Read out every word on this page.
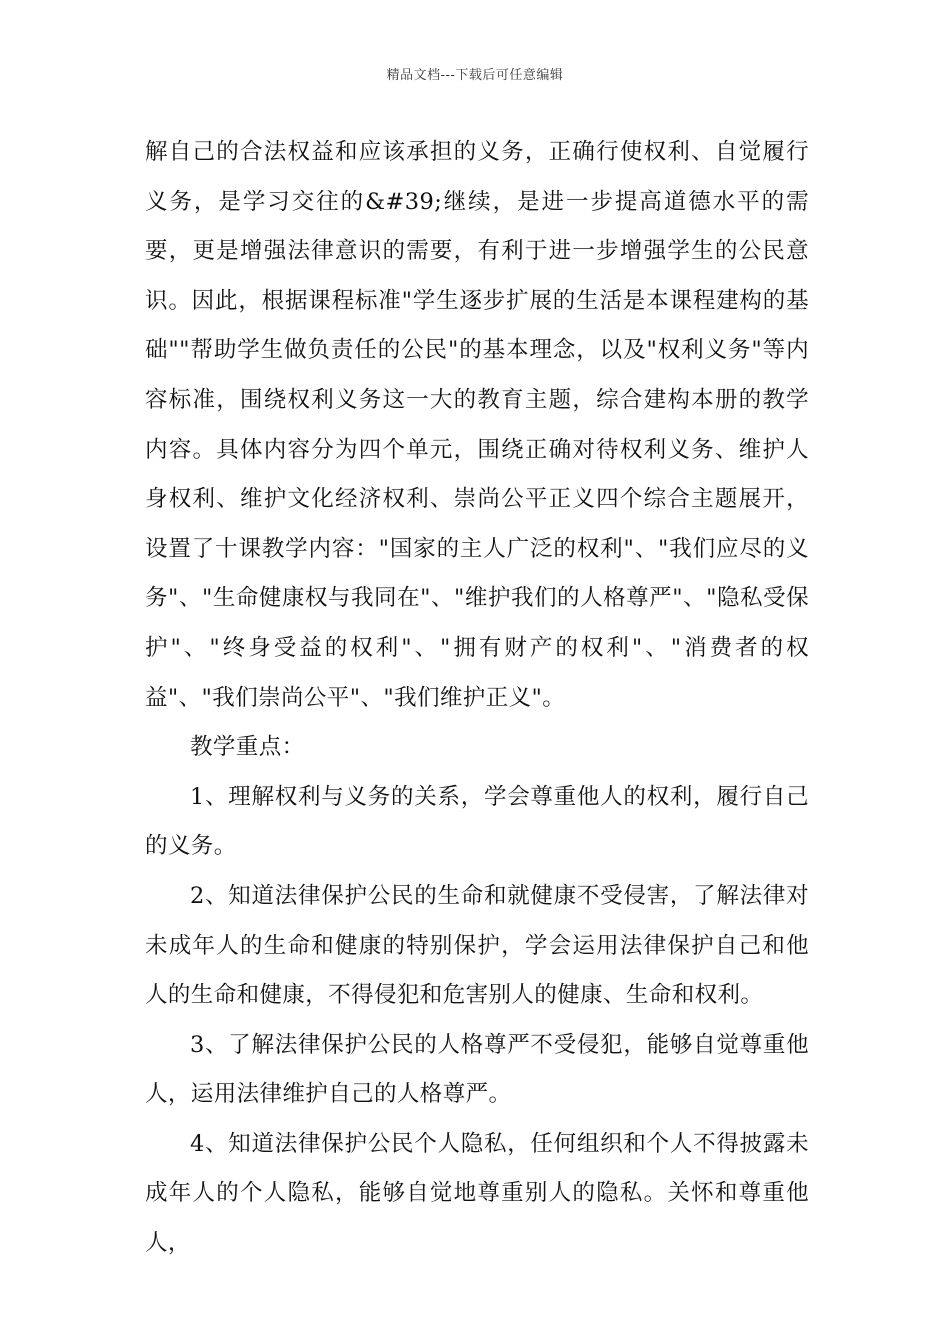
精品文档---下载后可任意编辑

解自己的合法权益和应该承担的义务，正确行使权利、自觉履行义务，是学习交往的&#39;继续，是进一步提高道德水平的需要，更是增强法律意识的需要，有利于进一步增强学生的公民意识。因此，根据课程标准"学生逐步扩展的生活是本课程建构的基础""帮助学生做负责任的公民"的基本理念，以及"权利义务"等内容标准，围绕权利义务这一大的教育主题，综合建构本册的教学内容。具体内容分为四个单元，围绕正确对待权利义务、维护人身权利、维护文化经济权利、崇尚公平正义四个综合主题展开，设置了十课教学内容："国家的主人广泛的权利"、"我们应尽的义务"、"生命健康权与我同在"、"维护我们的人格尊严"、"隐私受保护"、"终身受益的权利"、"拥有财产的权利"、"消费者的权益"、"我们崇尚公平"、"我们维护正义"。

教学重点：

1、理解权利与义务的关系，学会尊重他人的权利，履行自己的义务。

2、知道法律保护公民的生命和就健康不受侵害，了解法律对未成年人的生命和健康的特别保护，学会运用法律保护自己和他人的生命和健康，不得侵犯和危害别人的健康、生命和权利。

3、了解法律保护公民的人格尊严不受侵犯，能够自觉尊重他人，运用法律维护自己的人格尊严。

4、知道法律保护公民个人隐私，任何组织和个人不得披露未成年人的个人隐私，能够自觉地尊重别人的隐私。关怀和尊重他人，
